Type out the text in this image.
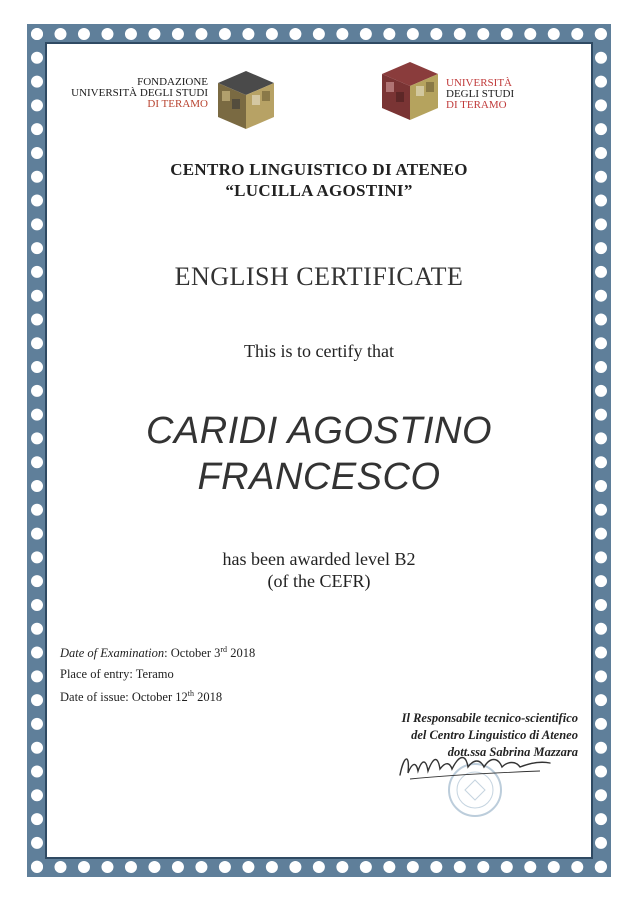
FONDAZIONE
UNIVERSITÀ DEGLI STUDI
DI TERAMO
UNIVERSITÀ
DEGLI STUDI
DI TERAMO
CENTRO LINGUISTICO DI ATENEO
“LUCILLA AGOSTINI”
ENGLISH CERTIFICATE
This is to certify that
CARIDI AGOSTINO
FRANCESCO
has been awarded level B2
(of the CEFR)
Date of Examination: October 3rd 2018
Place of entry: Teramo
Date of issue: October 12th 2018
Il Responsabile tecnico-scientifico
del Centro Linguistico di Ateneo
dott.ssa Sabrina Mazzara
